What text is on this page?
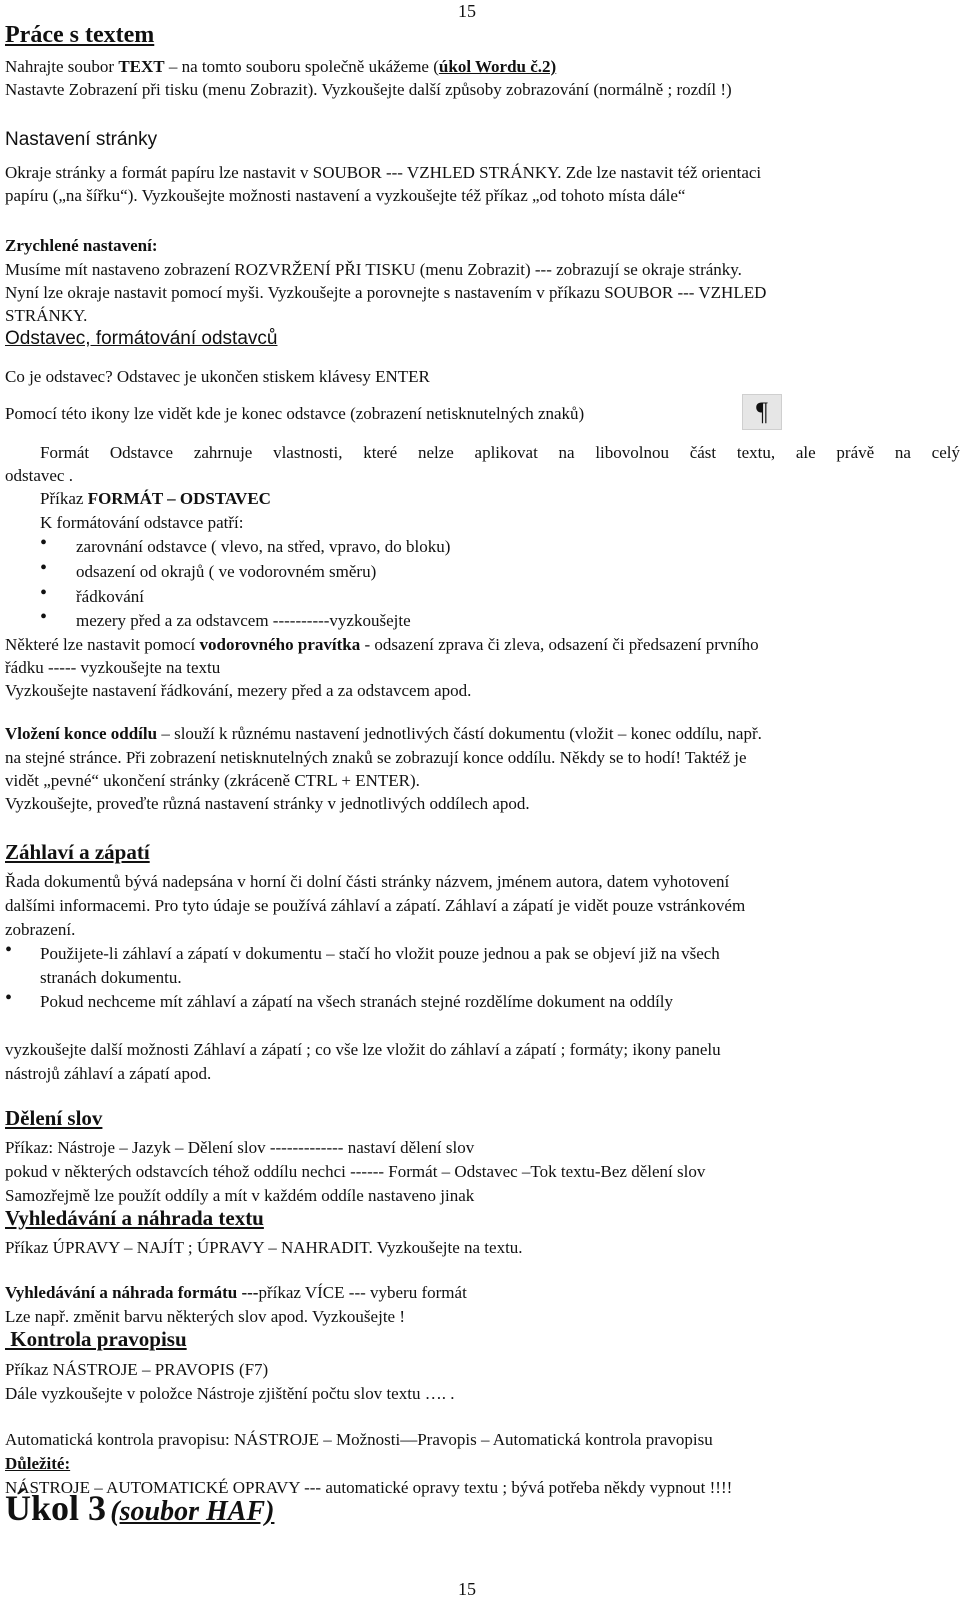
15
Práce s textem
Nahrajte soubor TEXT – na tomto souboru společně ukážeme (úkol Wordu č.2)
Nastavte Zobrazení při tisku (menu Zobrazit). Vyzkoušejte další způsoby zobrazování (normálně ; rozdíl !)
Nastavení stránky
Okraje stránky a formát papíru lze nastavit v SOUBOR --- VZHLED STRÁNKY. Zde lze nastavit též orientaci
papíru („na šířku“). Vyzkoušejte možnosti nastavení a vyzkoušejte též příkaz „od tohoto místa dále“
Zrychlené nastavení:
Musíme mít nastaveno zobrazení ROZVRŽENÍ PŘI TISKU (menu Zobrazit) --- zobrazují se okraje stránky.
Nyní lze okraje nastavit pomocí myši. Vyzkoušejte a porovnejte s nastavením v příkazu SOUBOR --- VZHLED
STRÁNKY.
Odstavec, formátování odstavců
Co je odstavec? Odstavec je ukončen stiskem klávesy ENTER
Pomocí této ikony lze vidět kde je konec odstavce (zobrazení netisknutelných znaků)	¶
Formát Odstavce zahrnuje vlastnosti, které nelze aplikovat na libovolnou část textu, ale právě na celý
odstavec .
Příkaz FORMÁT – ODSTAVEC
K formátování odstavce patří:
• zarovnání odstavce ( vlevo, na střed, vpravo, do bloku)
• odsazení od okrajů ( ve vodorovném směru)
• řádkování
• mezery před a za odstavcem ----------vyzkoušejte
Některé lze nastavit pomocí vodorovného pravítka - odsazení zprava či zleva, odsazení či předsazení prvního
řádku ----- vyzkoušejte na textu
Vyzkoušejte nastavení řádkování, mezery před a za odstavcem apod.
Vložení konce oddílu – slouží k různému nastavení jednotlivých částí dokumentu (vložit – konec oddílu, např.
na stejné stránce. Při zobrazení netisknutelných znaků se zobrazují konce oddílu. Někdy se to hodí! Taktéž je
vidět „pevné“ ukončení stránky (zkráceně CTRL + ENTER).
Vyzkoušejte, proveďte různá nastavení stránky v jednotlivých oddílech apod.
Záhlaví a zápatí
Řada dokumentů bývá nadepsána v horní či dolní části stránky názvem, jménem autora, datem vyhotovení
dalšími informacemi. Pro tyto údaje se používá záhlaví a zápatí. Záhlaví a zápatí je vidět pouze vstránkovém
zobrazení.
• Použijete-li záhlaví a zápatí v dokumentu – stačí ho vložit pouze jednou a pak se objeví již na všech
stranách dokumentu.
• Pokud nechceme mít záhlaví a zápatí na všech stranách stejné rozdělíme dokument na oddíly
vyzkoušejte další možnosti Záhlaví a zápatí ; co vše lze vložit do záhlaví a zápatí ; formáty; ikony panelu
nástrojů záhlaví a zápatí apod.
Dělení slov
Příkaz: Nástroje – Jazyk – Dělení slov ------------- nastaví dělení slov
pokud v některých odstavcích téhož oddílu nechci ------ Formát – Odstavec –Tok textu-Bez dělení slov
Samozřejmě lze použít oddíly a mít v každém oddíle nastaveno jinak
Vyhledávání a náhrada textu
Příkaz ÚPRAVY – NAJÍT ; ÚPRAVY – NAHRADIT. Vyzkoušejte na textu.
Vyhledávání a náhrada formátu ---příkaz VÍCE --- vyberu formát
Lze např. změnit barvu některých slov apod. Vyzkoušejte !
Kontrola pravopisu
Příkaz NÁSTROJE – PRAVOPIS (F7)
Dále vyzkoušejte v položce Nástroje zjištění počtu slov textu …. .
Automatická kontrola pravopisu: NÁSTROJE – Možnosti—Pravopis – Automatická kontrola pravopisu
Důležité:
NÁSTROJE – AUTOMATICKÉ OPRAVY --- automatické opravy textu ; bývá potřeba někdy vypnout !!!!
Úkol 3 (soubor HAF)
15
